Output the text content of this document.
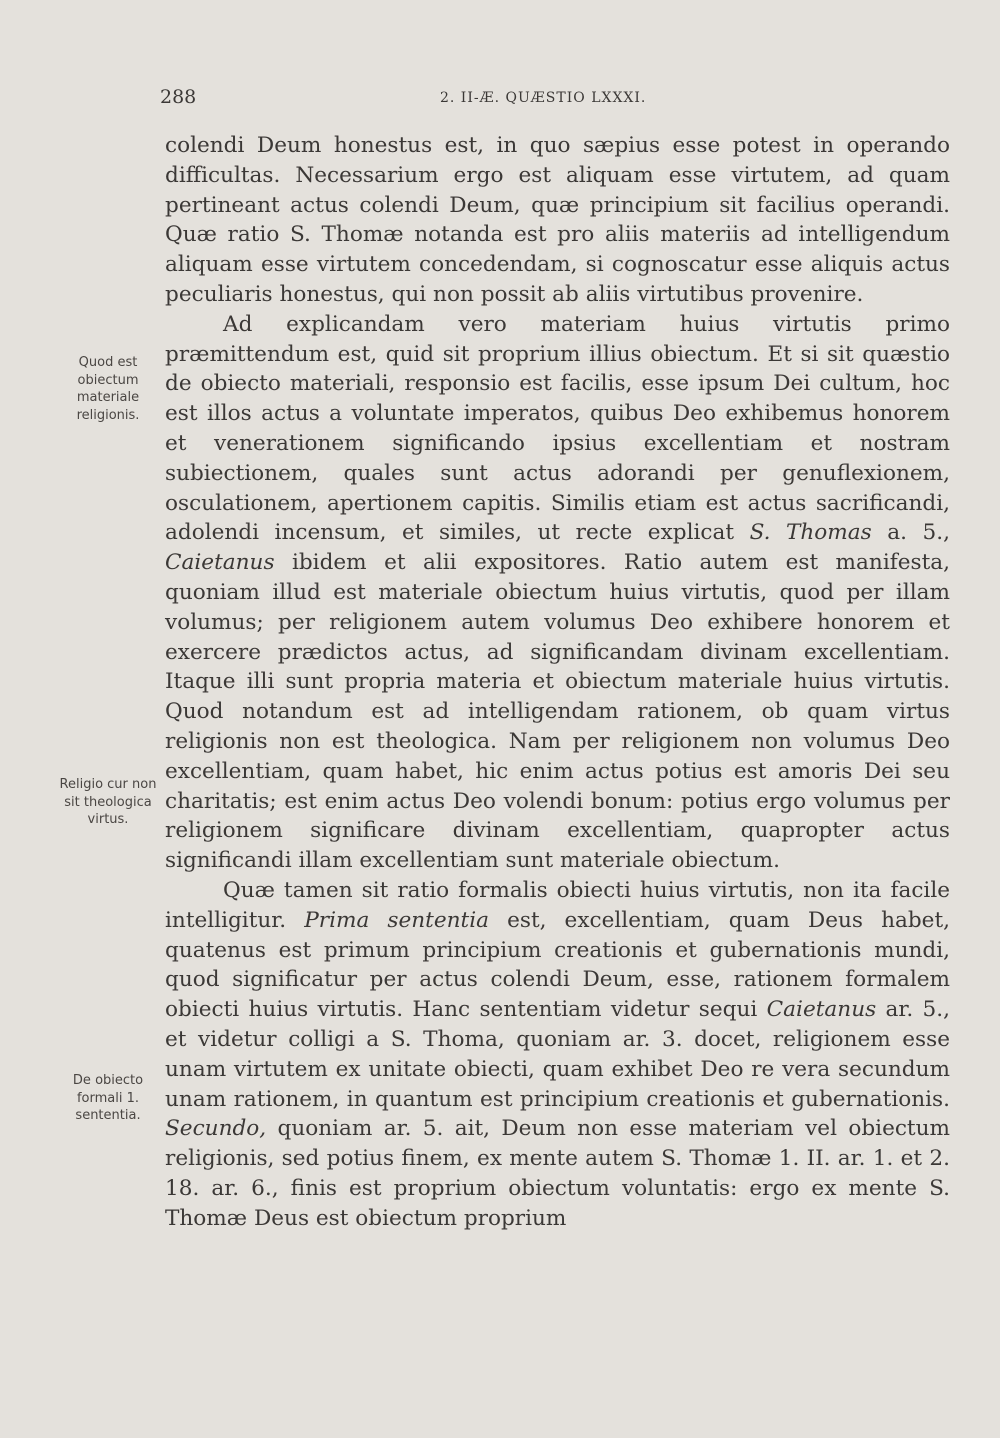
288	2. II-Æ. QUÆSTIO LXXXI.
Quod est obiectum materiale religionis.
Religio cur non sit theologica virtus.
De obiecto formali 1. sententia.

colendi Deum honestus est, in quo sæpius esse potest in operando difficultas. Necessarium ergo est aliquam esse virtutem, ad quam pertineant actus colendi Deum, quæ principium sit facilius operandi. Quæ ratio S. Thomæ notanda est pro aliis materiis ad intelligendum aliquam esse virtutem concedendam, si cognoscatur esse aliquis actus peculiaris honestus, qui non possit ab aliis virtutibus provenire.

Ad explicandam vero materiam huius virtutis primo præmittendum est, quid sit proprium illius obiectum. Et si sit quæstio de obiecto materiali, responsio est facilis, esse ipsum Dei cultum, hoc est illos actus a voluntate imperatos, quibus Deo exhibemus honorem et venerationem significando ipsius excellentiam et nostram subiectionem, quales sunt actus adorandi per genuflexionem, osculationem, apertionem capitis. Similis etiam est actus sacrificandi, adolendi incensum, et similes, ut recte explicat S. Thomas a. 5., Caietanus ibidem et alii expositores. Ratio autem est manifesta, quoniam illud est materiale obiectum huius virtutis, quod per illam volumus; per religionem autem volumus Deo exhibere honorem et exercere prædictos actus, ad significandam divinam excellentiam. Itaque illi sunt propria materia et obiectum materiale huius virtutis. Quod notandum est ad intelligendam rationem, ob quam virtus religionis non est theologica. Nam per religionem non volumus Deo excellentiam, quam habet, hic enim actus potius est amoris Dei seu charitatis; est enim actus Deo volendi bonum: potius ergo volumus per religionem significare divinam excellentiam, quapropter actus significandi illam excellentiam sunt materiale obiectum.

Quæ tamen sit ratio formalis obiecti huius virtutis, non ita facile intelligitur. Prima sententia est, excellentiam, quam Deus habet, quatenus est primum principium creationis et gubernationis mundi, quod significatur per actus colendi Deum, esse, rationem formalem obiecti huius virtutis. Hanc sententiam videtur sequi Caietanus ar. 5., et videtur colligi a S. Thoma, quoniam ar. 3. docet, religionem esse unam virtutem ex unitate obiecti, quam exhibet Deo re vera secundum unam rationem, in quantum est principium creationis et gubernationis. Secundo, quoniam ar. 5. ait, Deum non esse materiam vel obiectum religionis, sed potius finem, ex mente autem S. Thomæ 1. II. ar. 1. et 2. 18. ar. 6., finis est proprium obiectum voluntatis: ergo ex mente S. Thomæ Deus est obiectum proprium
